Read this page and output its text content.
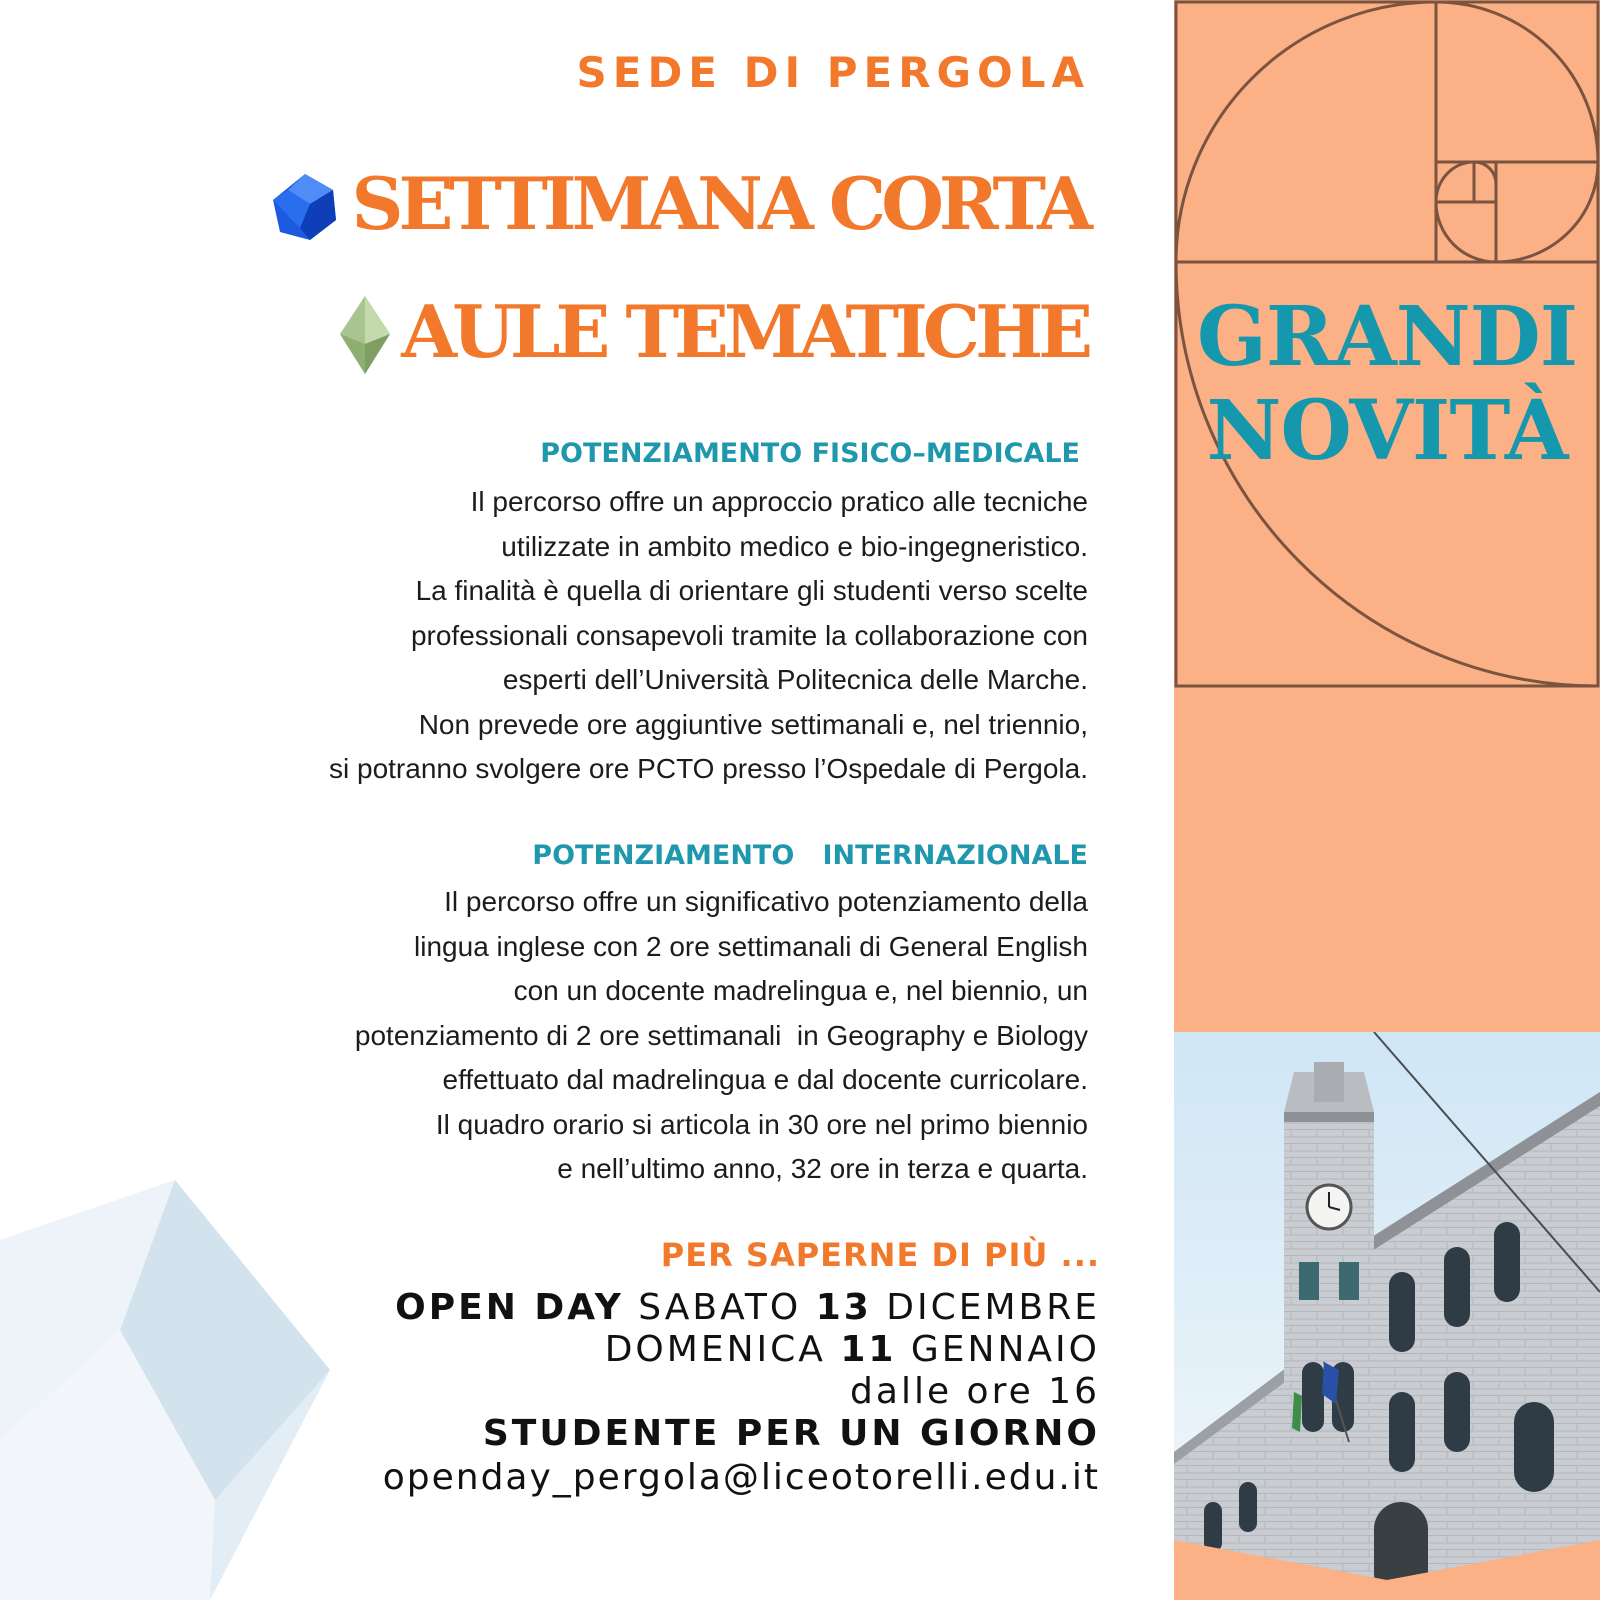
SEDE DI PERGOLA

SETTIMANA CORTA
AULE TEMATICHE
POTENZIAMENTO FISICO–MEDICALE
Il percorso offre un approccio pratico alle tecniche
utilizzate in ambito medico e bio-ingegneristico.
La finalità è quella di orientare gli studenti verso scelte
professionali consapevoli tramite la collaborazione con
esperti dell’Università Politecnica delle Marche.
Non prevede ore aggiuntive settimanali e, nel triennio,
si potranno svolgere ore PCTO presso l’Ospedale di Pergola.
POTENZIAMENTO   INTERNAZIONALE
Il percorso offre un significativo potenziamento della
lingua inglese con 2 ore settimanali di General English
con un docente madrelingua e, nel biennio, un
potenziamento di 2 ore settimanali  in Geography e Biology
effettuato dal madrelingua e dal docente curricolare.
Il quadro orario si articola in 30 ore nel primo biennio
e nell’ultimo anno, 32 ore in terza e quarta.

PER SAPERNE DI PIÙ ...

OPEN DAY SABATO 13 DICEMBRE

DOMENICA 11 GENNAIO

dalle ore 16

STUDENTE PER UN GIORNO

openday_pergola@liceotorelli.edu.it

GRANDI
NOVITÀ
